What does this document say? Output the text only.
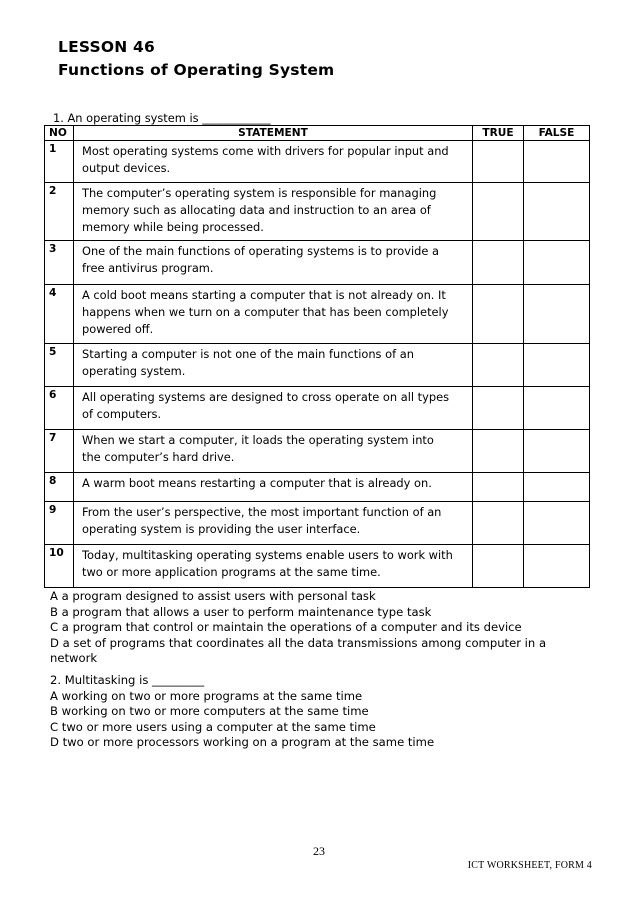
LESSON 46
Functions of Operating System
1. An operating system is ____________
NO	STATEMENT	TRUE	FALSE
1	Most operating systems come with drivers for popular input and
output devices.		

2	The computer’s operating system is responsible for managing
memory such as allocating data and instruction to an area of
memory while being processed.		

3	One of the main functions of operating systems is to provide a
free antivirus program.		

4	A cold boot means starting a computer that is not already on. It
happens when we turn on a computer that has been completely
powered off.		

5	Starting a computer is not one of the main functions of an
operating system.		

6	All operating systems are designed to cross operate on all types
of computers.		

7	When we start a computer, it loads the operating system into
the computer’s hard drive.		

8	A warm boot means restarting a computer that is already on.		

9	From the user’s perspective, the most important function of an
operating system is providing the user interface.		

10	Today, multitasking operating systems enable users to work with
two or more application programs at the same time.		

A a program designed to assist users with personal task
B a program that allows a user to perform maintenance type task
C a program that control or maintain the operations of a computer and its device
D a set of programs that coordinates all the data transmissions among computer in a
network
2. Multitasking is _________
A working on two or more programs at the same time
B working on two or more computers at the same time
C two or more users using a computer at the same time
D two or more processors working on a program at the same time
23
ICT WORKSHEET, FORM 4
